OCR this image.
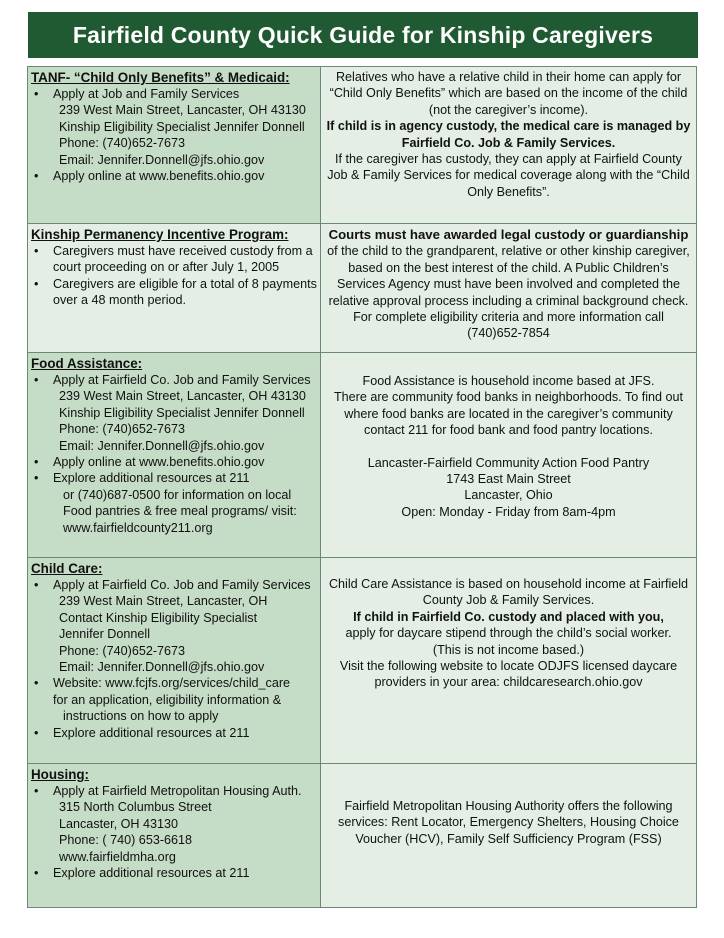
Fairfield County Quick Guide for Kinship Caregivers
TANF- “Child Only Benefits” & Medicaid:
• Apply at Job and Family Services
239 West Main Street, Lancaster, OH 43130
Kinship Eligibility Specialist Jennifer Donnell
Phone: (740)652-7673
Email: Jennifer.Donnell@jfs.ohio.gov
• Apply online at www.benefits.ohio.gov
Relatives who have a relative child in their home can apply for “Child Only Benefits” which are based on the income of the child (not the caregiver’s income).
If child is in agency custody, the medical care is managed by Fairfield Co. Job & Family Services.
If the caregiver has custody, they can apply at Fairfield County Job & Family Services for medical coverage along with the “Child Only Benefits”.
Kinship Permanency Incentive Program:
• Caregivers must have received custody from a court proceeding on or after July 1, 2005
• Caregivers are eligible for a total of 8 payments over a 48 month period.
Courts must have awarded legal custody or guardianship of the child to the grandparent, relative or other kinship caregiver, based on the best interest of the child. A Public Children’s Services Agency must have been involved and completed the relative approval process including a criminal background check. For complete eligibility criteria and more information call (740)652-7854
Food Assistance:
• Apply at Fairfield Co. Job and Family Services
239 West Main Street, Lancaster, OH 43130
Kinship Eligibility Specialist Jennifer Donnell
Phone: (740)652-7673
Email: Jennifer.Donnell@jfs.ohio.gov
• Apply online at www.benefits.ohio.gov
• Explore additional resources at 211
or (740)687-0500 for information on local
Food pantries & free meal programs/ visit:
www.fairfieldcounty211.org
Food Assistance is household income based at JFS.
There are community food banks in neighborhoods. To find out where food banks are located in the caregiver’s community contact 211 for food bank and food pantry locations.
Lancaster-Fairfield Community Action Food Pantry
1743 East Main Street
Lancaster, Ohio
Open: Monday - Friday from 8am-4pm
Child Care:
• Apply at Fairfield Co. Job and Family Services
239 West Main Street, Lancaster, OH
Contact Kinship Eligibility Specialist
Jennifer Donnell
Phone: (740)652-7673
Email: Jennifer.Donnell@jfs.ohio.gov
• Website: www.fcjfs.org/services/child_care
for an application, eligibility information &
instructions on how to apply
• Explore additional resources at 211
Child Care Assistance is based on household income at Fairfield County Job & Family Services.
If child in Fairfield Co. custody and placed with you,
apply for daycare stipend through the child’s social worker.
(This is not income based.)
Visit the following website to locate ODJFS licensed daycare providers in your area: childcaresearch.ohio.gov
Housing:
• Apply at Fairfield Metropolitan Housing Auth.
315 North Columbus Street
Lancaster, OH 43130
Phone: ( 740) 653-6618
www.fairfieldmha.org
• Explore additional resources at 211
Fairfield Metropolitan Housing Authority offers the following services: Rent Locator, Emergency Shelters, Housing Choice Voucher (HCV), Family Self Sufficiency Program (FSS)
